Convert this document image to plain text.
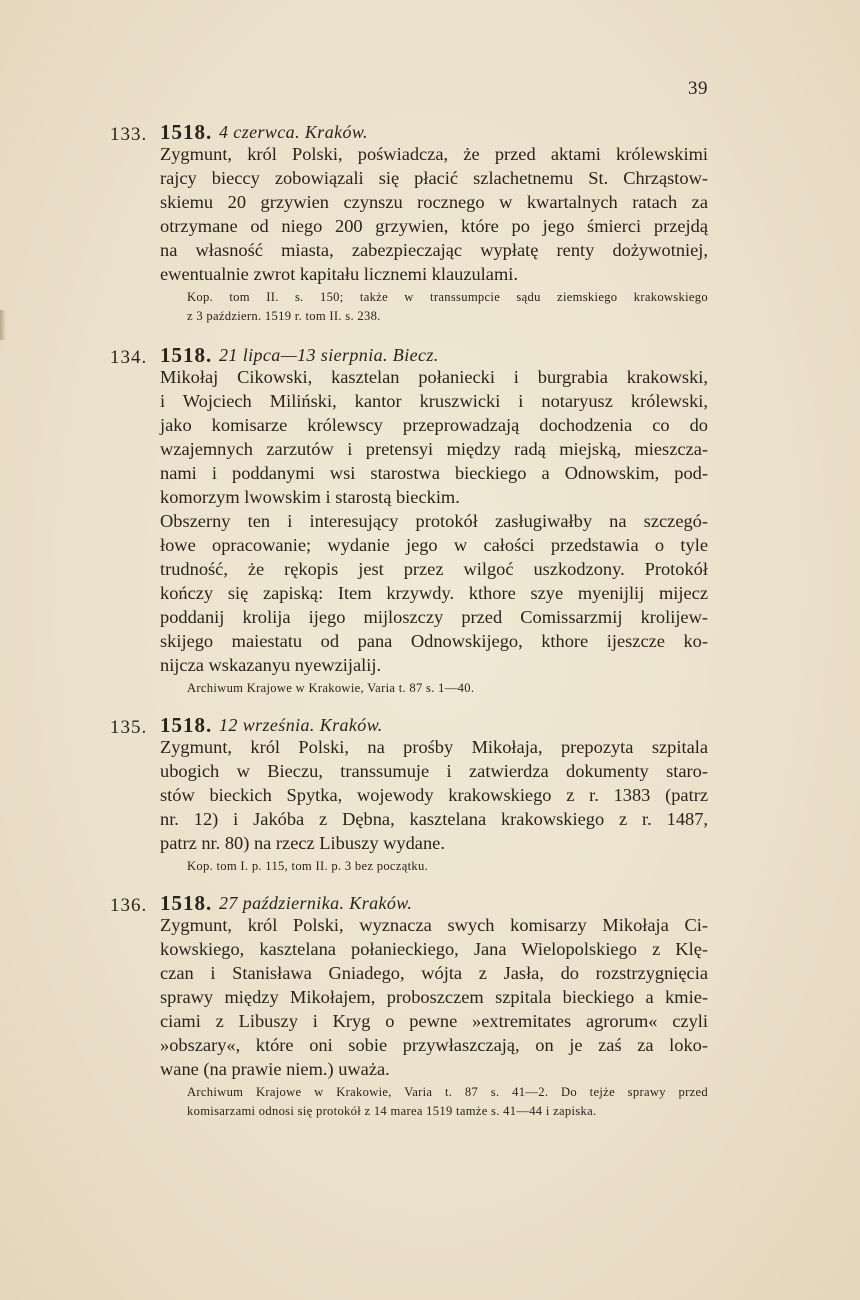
39
133. 1518. 4 czerwca. Kraków.
Zygmunt, król Polski, poświadcza, że przed aktami królewskimi
rajcy bieccy zobowiązali się płacić szlachetnemu St. Chrząstow-
skiemu 20 grzywien czynszu rocznego w kwartalnych ratach za
otrzymane od niego 200 grzywien, które po jego śmierci przejdą
na własność miasta, zabezpieczając wypłatę renty dożywotniej,
ewentualnie zwrot kapitału licznemi klauzulami.
Kop. tom II. s. 150; także w transsumpcie sądu ziemskiego krakowskiego
z 3 październ. 1519 r. tom II. s. 238.
134. 1518. 21 lipca—13 sierpnia. Biecz.
Mikołaj Cikowski, kasztelan połaniecki i burgrabia krakowski,
i Wojciech Miliński, kantor kruszwicki i notaryusz królewski,
jako komisarze królewscy przeprowadzają dochodzenia co do
wzajemnych zarzutów i pretensyi między radą miejską, mieszcza-
nami i poddanymi wsi starostwa bieckiego a Odnowskim, pod-
komorzym lwowskim i starostą bieckim.
Obszerny ten i interesujący protokół zasługiwałby na szczegó-
łowe opracowanie; wydanie jego w całości przedstawia o tyle
trudność, że rękopis jest przez wilgoć uszkodzony. Protokół
kończy się zapiską: Item krzywdy. kthore szye myenijlij mijecz
poddanij krolija ijego mijloszczy przed Comissarzmij krolijew-
skijego maiestatu od pana Odnowskijego, kthore ijeszcze ko-
nijcza wskazanyu nyewzijalij.
Archiwum Krajowe w Krakowie, Varia t. 87 s. 1—40.
135. 1518. 12 września. Kraków.
Zygmunt, król Polski, na prośby Mikołaja, prepozyta szpitala
ubogich w Bieczu, transsumuje i zatwierdza dokumenty staro-
stów bieckich Spytka, wojewody krakowskiego z r. 1383 (patrz
nr. 12) i Jakóba z Dębna, kasztelana krakowskiego z r. 1487,
patrz nr. 80) na rzecz Libuszy wydane.
Kop. tom I. p. 115, tom II. p. 3 bez początku.
136. 1518. 27 października. Kraków.
Zygmunt, król Polski, wyznacza swych komisarzy Mikołaja Ci-
kowskiego, kasztelana połanieckiego, Jana Wielopolskiego z Klę-
czan i Stanisława Gniadego, wójta z Jasła, do rozstrzygnięcia
sprawy między Mikołajem, proboszczem szpitala bieckiego a kmie-
ciami z Libuszy i Kryg o pewne »extremitates agrorum« czyli
»obszary«, które oni sobie przywłaszczają, on je zaś za loko-
wane (na prawie niem.) uważa.
Archiwum Krajowe w Krakowie, Varia t. 87 s. 41—2. Do tejże sprawy przed
komisarzami odnosi się protokół z 14 marea 1519 tamże s. 41—44 i zapiska.
